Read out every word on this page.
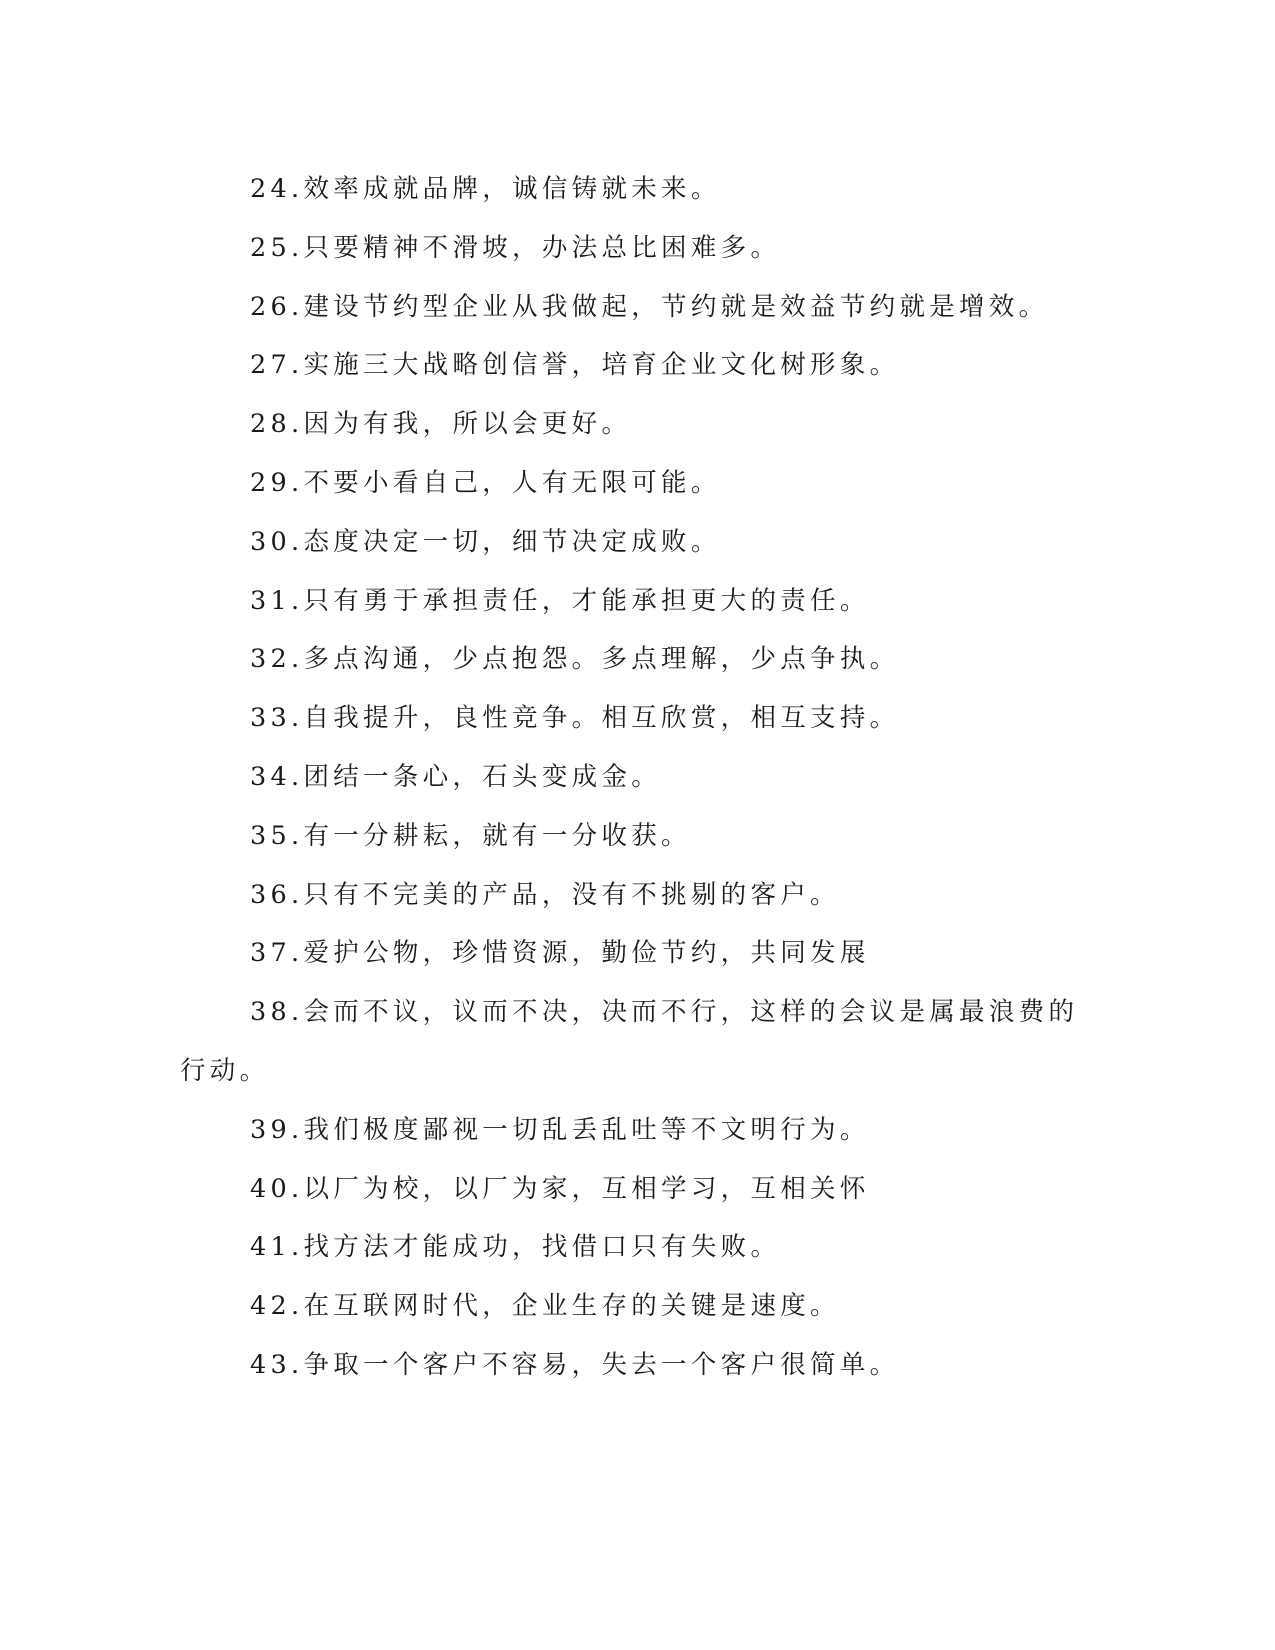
24.效率成就品牌，诚信铸就未来。

25.只要精神不滑坡，办法总比困难多。

26.建设节约型企业从我做起，节约就是效益节约就是增效。

27.实施三大战略创信誉，培育企业文化树形象。

28.因为有我，所以会更好。

29.不要小看自己，人有无限可能。

30.态度决定一切，细节决定成败。

31.只有勇于承担责任，才能承担更大的责任。

32.多点沟通，少点抱怨。多点理解，少点争执。

33.自我提升，良性竞争。相互欣赏，相互支持。

34.团结一条心，石头变成金。

35.有一分耕耘，就有一分收获。

36.只有不完美的产品，没有不挑剔的客户。

37.爱护公物，珍惜资源，勤俭节约，共同发展

38.会而不议，议而不决，决而不行，这样的会议是属最浪费的行动。

39.我们极度鄙视一切乱丢乱吐等不文明行为。

40.以厂为校，以厂为家，互相学习，互相关怀

41.找方法才能成功，找借口只有失败。

42.在互联网时代，企业生存的关键是速度。

43.争取一个客户不容易，失去一个客户很简单。
